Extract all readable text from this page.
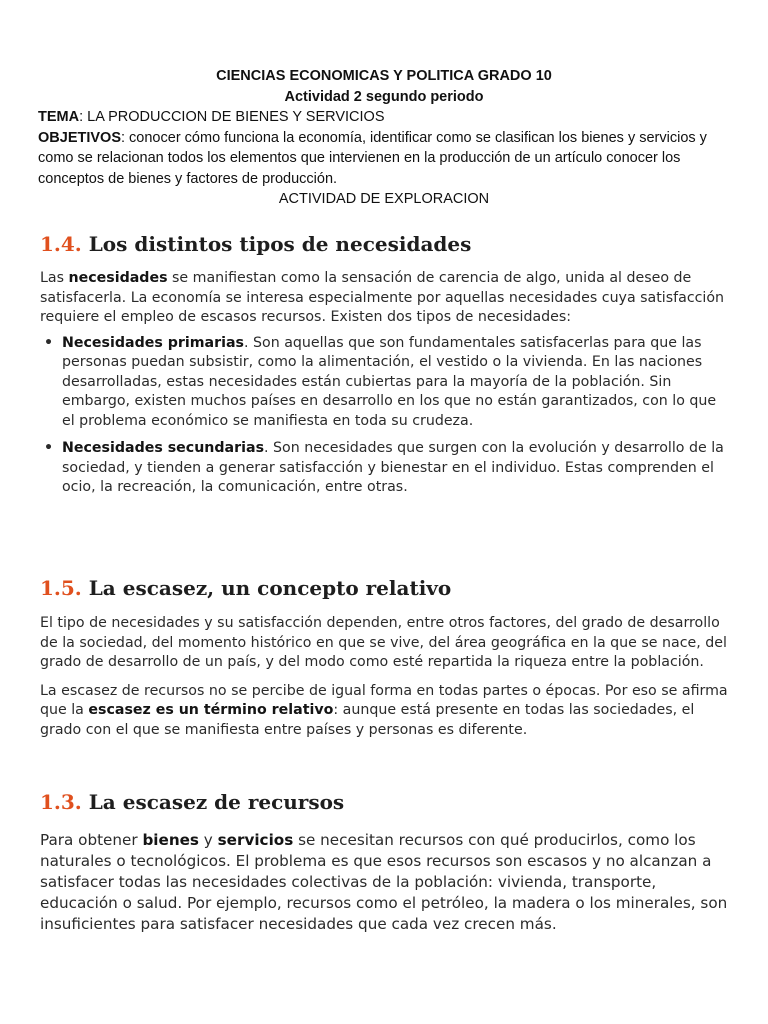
CIENCIAS ECONOMICAS Y POLITICA GRADO 10

Actividad 2 segundo periodo

TEMA: LA PRODUCCION DE BIENES Y SERVICIOS

OBJETIVOS: conocer cómo funciona la economía, identificar como se clasifican los bienes y servicios y como se relacionan todos los elementos que intervienen en la producción de un artículo conocer los conceptos de bienes y factores de producción.

ACTIVIDAD DE EXPLORACION

1.4. Los distintos tipos de necesidades

Las necesidades se manifiestan como la sensación de carencia de algo, unida al deseo de satisfacerla. La economía se interesa especialmente por aquellas necesidades cuya satisfacción requiere el empleo de escasos recursos. Existen dos tipos de necesidades:

• Necesidades primarias. Son aquellas que son fundamentales satisfacerlas para que las personas puedan subsistir, como la alimentación, el vestido o la vivienda. En las naciones desarrolladas, estas necesidades están cubiertas para la mayoría de la población. Sin embargo, existen muchos países en desarrollo en los que no están garantizados, con lo que el problema económico se manifiesta en toda su crudeza.
• Necesidades secundarias. Son necesidades que surgen con la evolución y desarrollo de la sociedad, y tienden a generar satisfacción y bienestar en el individuo. Estas comprenden el ocio, la recreación, la comunicación, entre otras.
1.5. La escasez, un concepto relativo

El tipo de necesidades y su satisfacción dependen, entre otros factores, del grado de desarrollo de la sociedad, del momento histórico en que se vive, del área geográfica en la que se nace, del grado de desarrollo de un país, y del modo como esté repartida la riqueza entre la población.

La escasez de recursos no se percibe de igual forma en todas partes o épocas. Por eso se afirma que la escasez es un término relativo: aunque está presente en todas las sociedades, el grado con el que se manifiesta entre países y personas es diferente.

1.3. La escasez de recursos

Para obtener bienes y servicios se necesitan recursos con qué producirlos, como los naturales o tecnológicos. El problema es que esos recursos son escasos y no alcanzan a satisfacer todas las necesidades colectivas de la población: vivienda, transporte, educación o salud. Por ejemplo, recursos como el petróleo, la madera o los minerales, son insuficientes para satisfacer necesidades que cada vez crecen más.
